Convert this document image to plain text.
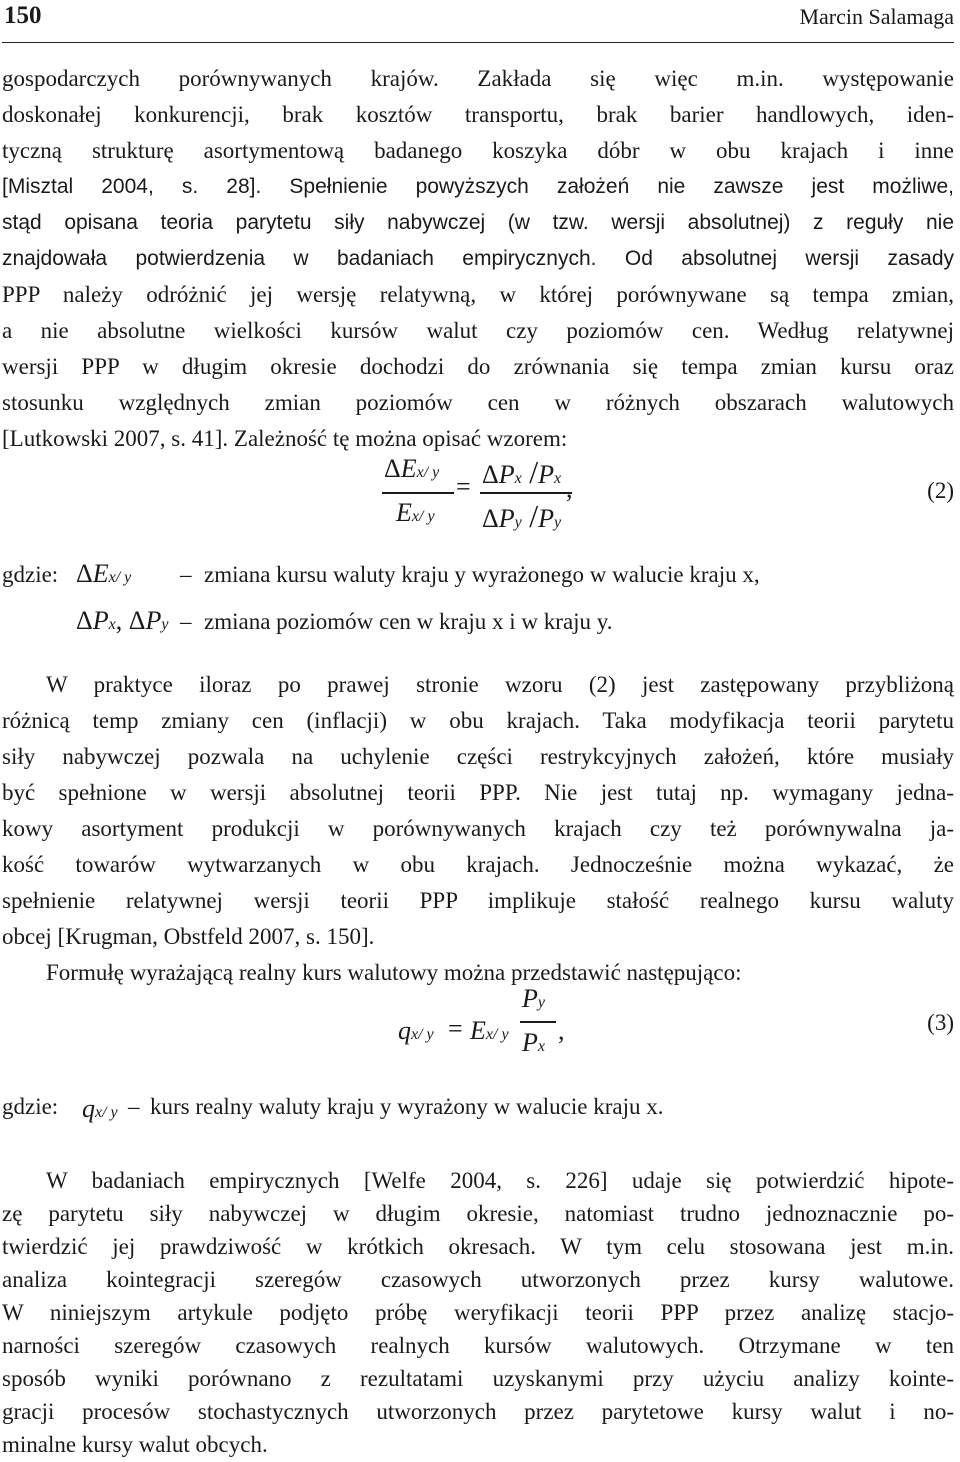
150	Marcin Salamaga
gospodarczych porównywanych krajów. Zakłada się więc m.in. występowanie
doskonałej konkurencji, brak kosztów transportu, brak barier handlowych, iden-
tyczną strukturę asortymentową badanego koszyka dóbr w obu krajach i inne
[Misztal 2004, s. 28]. Spełnienie powyższych założeń nie zawsze jest możliwe,
stąd opisana teoria parytetu siły nabywczej (w tzw. wersji absolutnej) z reguły nie
znajdowała potwierdzenia w badaniach empirycznych. Od absolutnej wersji zasady
PPP należy odróżnić jej wersję relatywną, w której porównywane są tempa zmian,
a nie absolutne wielkości kursów walut czy poziomów cen. Według relatywnej
wersji PPP w długim okresie dochodzi do zrównania się tempa zmian kursu oraz
stosunku względnych zmian poziomów cen w różnych obszarach walutowych
[Lutkowski 2007, s. 41]. Zależność tę można opisać wzorem:
ΔEx/ y
Ex/ y
= ΔPx /Px
ΔPy /Py
,	(2)
gdzie: ΔEx/ y – zmiana kursu waluty kraju y wyrażonego w walucie kraju x,
ΔPx, ΔPy – zmiana poziomów cen w kraju x i w kraju y.
W praktyce iloraz po prawej stronie wzoru (2) jest zastępowany przybliżoną
różnicą temp zmiany cen (inflacji) w obu krajach. Taka modyfikacja teorii parytetu
siły nabywczej pozwala na uchylenie części restrykcyjnych założeń, które musiały
być spełnione w wersji absolutnej teorii PPP. Nie jest tutaj np. wymagany jedna-
kowy asortyment produkcji w porównywanych krajach czy też porównywalna ja-
kość towarów wytwarzanych w obu krajach. Jednocześnie można wykazać, że
spełnienie relatywnej wersji teorii PPP implikuje stałość realnego kursu waluty
obcej [Krugman, Obstfeld 2007, s. 150].
Formułę wyrażającą realny kurs walutowy można przedstawić następująco:
qx/ y = Ex/ y
Py
Px
,	(3)
gdzie: qx/ y – kurs realny waluty kraju y wyrażony w walucie kraju x.
W badaniach empirycznych [Welfe 2004, s. 226] udaje się potwierdzić hipote-
zę parytetu siły nabywczej w długim okresie, natomiast trudno jednoznacznie po-
twierdzić jej prawdziwość w krótkich okresach. W tym celu stosowana jest m.in.
analiza kointegracji szeregów czasowych utworzonych przez kursy walutowe.
W niniejszym artykule podjęto próbę weryfikacji teorii PPP przez analizę stacjo-
narności szeregów czasowych realnych kursów walutowych. Otrzymane w ten
sposób wyniki porównano z rezultatami uzyskanymi przy użyciu analizy kointe-
gracji procesów stochastycznych utworzonych przez parytetowe kursy walut i no-
minalne kursy walut obcych.
